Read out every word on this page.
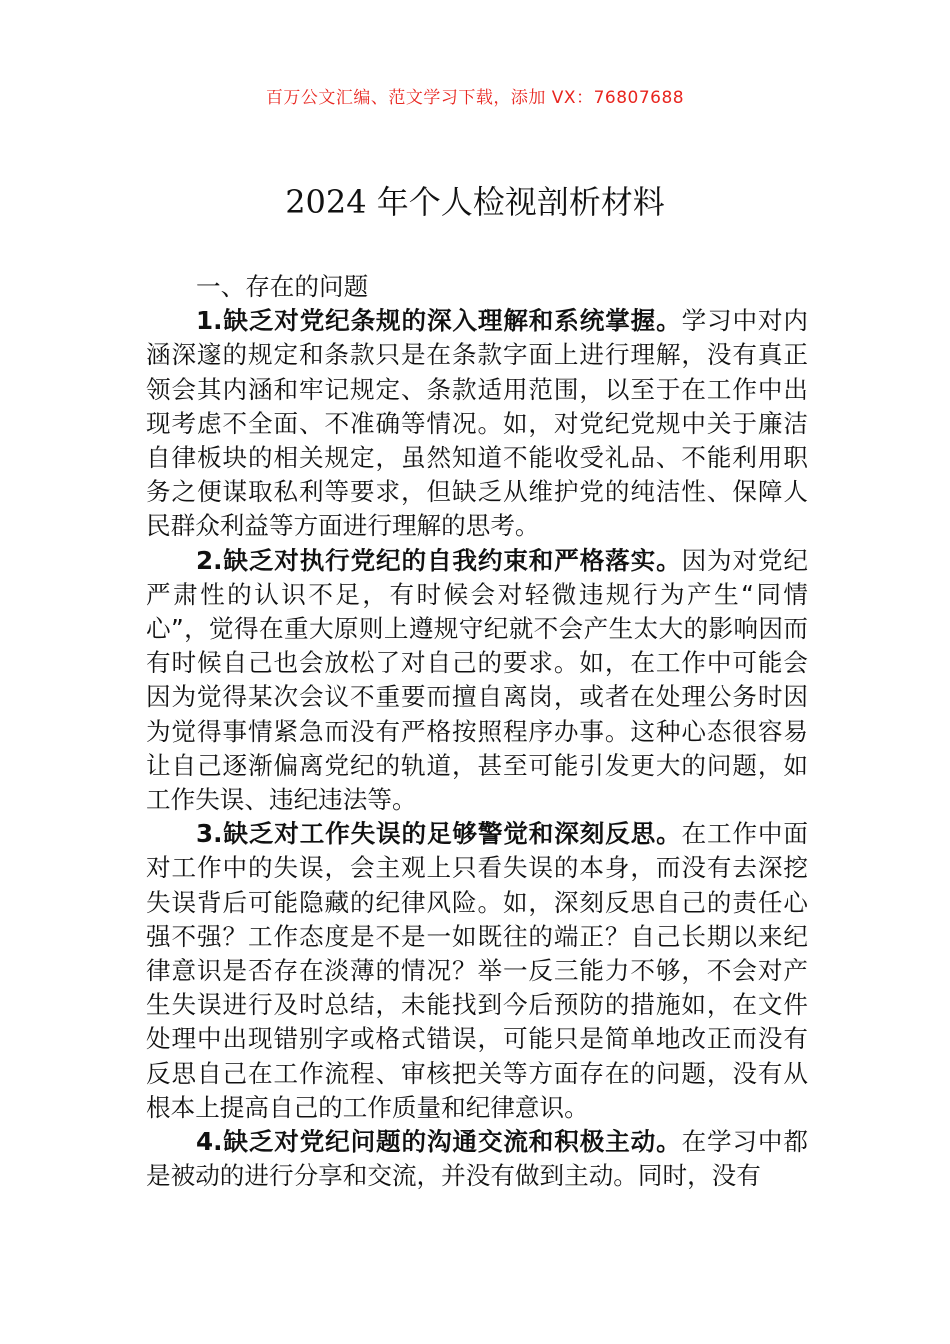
百万公文汇编、范文学习下载，添加 VX：76807688
2024 年个人检视剖析材料

一、存在的问题

1.缺乏对党纪条规的深入理解和系统掌握。学习中对内涵深邃的规定和条款只是在条款字面上进行理解，没有真正领会其内涵和牢记规定、条款适用范围，以至于在工作中出现考虑不全面、不准确等情况。如，对党纪党规中关于廉洁自律板块的相关规定，虽然知道不能收受礼品、不能利用职务之便谋取私利等要求，但缺乏从维护党的纯洁性、保障人民群众利益等方面进行理解的思考。

2.缺乏对执行党纪的自我约束和严格落实。因为对党纪严肃性的认识不足，有时候会对轻微违规行为产生“同情心”，觉得在重大原则上遵规守纪就不会产生太大的影响因而有时候自己也会放松了对自己的要求。如，在工作中可能会因为觉得某次会议不重要而擅自离岗，或者在处理公务时因为觉得事情紧急而没有严格按照程序办事。这种心态很容易让自己逐渐偏离党纪的轨道，甚至可能引发更大的问题，如工作失误、违纪违法等。

3.缺乏对工作失误的足够警觉和深刻反思。在工作中面对工作中的失误，会主观上只看失误的本身，而没有去深挖失误背后可能隐藏的纪律风险。如，深刻反思自己的责任心强不强？工作态度是不是一如既往的端正？自己长期以来纪律意识是否存在淡薄的情况？举一反三能力不够，不会对产生失误进行及时总结，未能找到今后预防的措施如，在文件处理中出现错别字或格式错误，可能只是简单地改正而没有反思自己在工作流程、审核把关等方面存在的问题，没有从根本上提高自己的工作质量和纪律意识。

4.缺乏对党纪问题的沟通交流和积极主动。在学习中都是被动的进行分享和交流，并没有做到主动。同时，没有
